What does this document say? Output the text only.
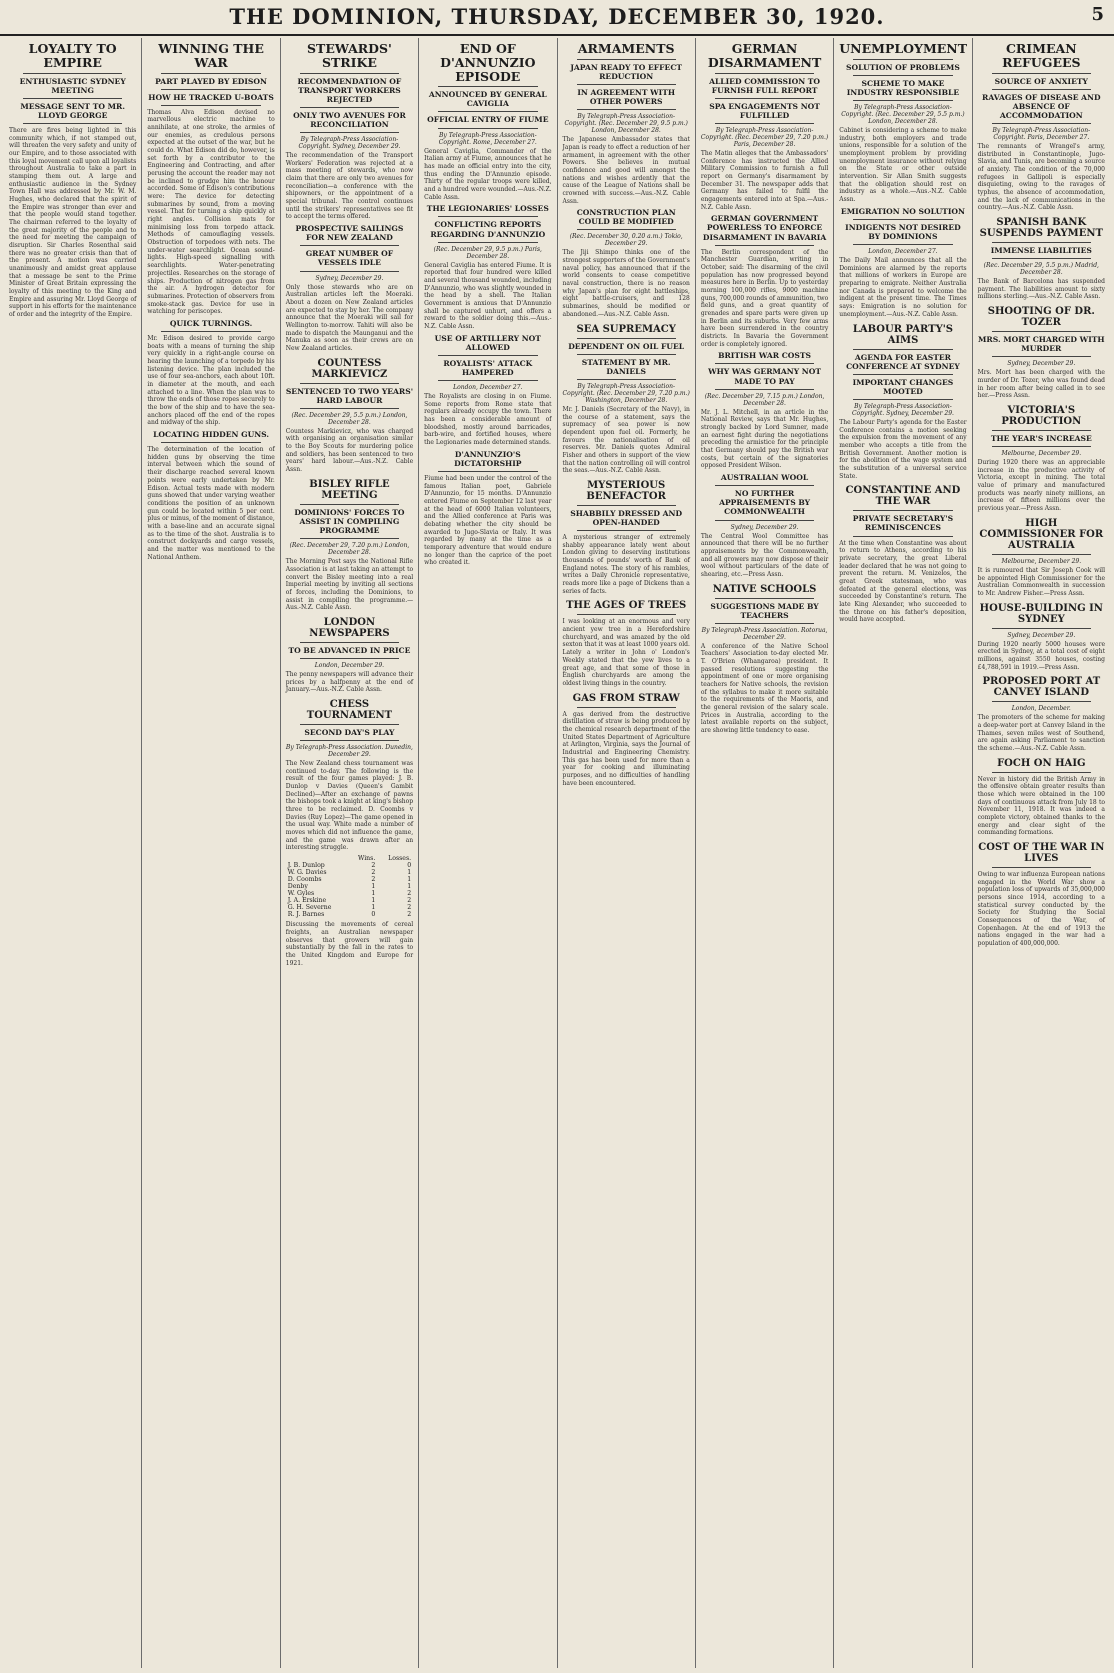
THE DOMINION, THURSDAY, DECEMBER 30, 1920.	5
LOYALTY TO EMPIRE
ENTHUSIASTIC SYDNEY MEETING
MESSAGE SENT TO MR. LLOYD GEORGE
There are fires being lighted in this community which, if not stamped out, will threaten the very safety and unity of our Empire, and to those associated with this loyal movement call upon all loyalists throughout Australia to take a part in stamping them out. A large and enthusiastic audience in the Sydney Town Hall was addressed by Mr. W. M. Hughes, who declared that the spirit of the Empire was stronger than ever and that the people would stand together. The chairman referred to the loyalty of the great majority of the people and to the need for meeting the campaign of disruption. Sir Charles Rosenthal said there was no greater crisis than that of the present. A motion was carried unanimously and amidst great applause that a message be sent to the Prime Minister of Great Britain expressing the loyalty of this meeting to the King and Empire and assuring Mr. Lloyd George of support in his efforts for the maintenance of order and the integrity of the Empire.
WINNING THE WAR
PART PLAYED BY EDISON
HOW HE TRACKED U-BOATS
Thomas Alva Edison devised no marvellous electric machine to annihilate, at one stroke, the armies of our enemies, as credulous persons expected at the outset of the war, but he could do. What Edison did do, however, is set forth by a contributor to the Engineering and Contracting, and after perusing the account the reader may not be inclined to grudge him the honour accorded. Some of Edison's contributions were: The device for detecting submarines by sound, from a moving vessel. That for turning a ship quickly at right angles. Collision mats for minimising loss from torpedo attack. Methods of camouflaging vessels. Obstruction of torpedoes with nets. The under-water searchlight. Ocean sound-lights. High-speed signalling with searchlights. Water-penetrating projectiles. Researches on the storage of ships. Production of nitrogen gas from the air. A hydrogen detector for submarines. Protection of observers from smoke-stack gas. Device for use in watching for periscopes.
QUICK TURNINGS.
Mr. Edison desired to provide cargo boats with a means of turning the ship very quickly in a right-angle course on hearing the launching of a torpedo by his listening device. The plan included the use of four sea-anchors, each about 10ft. in diameter at the mouth, and each attached to a line. When the plan was to throw the ends of those ropes securely to the bow of the ship and to have the sea-anchors placed off the end of the ropes and midway of the ship.
LOCATING HIDDEN GUNS.
The determination of the location of hidden guns by observing the time interval between which the sound of their discharge reached several known points were early undertaken by Mr. Edison. Actual tests made with modern guns showed that under varying weather conditions the position of an unknown gun could be located within 5 per cent. plus or minus, of the moment of distance, with a base-line and an accurate signal as to the time of the shot. Australia is to construct dockyards and cargo vessels, and the matter was mentioned to the National Anthem.
STEWARDS' STRIKE
RECOMMENDATION OF TRANSPORT WORKERS REJECTED
ONLY TWO AVENUES FOR RECONCILIATION
By Telegraph-Press Association-Copyright. Sydney, December 29.
The recommendation of the Transport Workers' Federation was rejected at a mass meeting of stewards, who now claim that there are only two avenues for reconciliation—a conference with the shipowners, or the appointment of a special tribunal. The control continues until the strikers' representatives see fit to accept the terms offered.
PROSPECTIVE SAILINGS FOR NEW ZEALAND
GREAT NUMBER OF VESSELS IDLE
Sydney, December 29.
Only those stewards who are on Australian articles left the Moeraki. About a dozen on New Zealand articles are expected to stay by her. The company announce that the Moeraki will sail for Wellington to-morrow. Tahiti will also be made to dispatch the Maunganui and the Manuka as soon as their crews are on New Zealand articles.
COUNTESS MARKIEVICZ
SENTENCED TO TWO YEARS' HARD LABOUR
(Rec. December 29, 5.5 p.m.) London, December 28.
Countess Markievicz, who was charged with organising an organisation similar to the Boy Scouts for murdering police and soldiers, has been sentenced to two years' hard labour.—Aus.-N.Z. Cable Assn.
BISLEY RIFLE MEETING
DOMINIONS' FORCES TO ASSIST IN COMPILING PROGRAMME
(Rec. December 29, 7.20 p.m.) London, December 28.
The Morning Post says the National Rifle Association is at last taking an attempt to convert the Bisley meeting into a real Imperial meeting by inviting all sections of forces, including the Dominions, to assist in compiling the programme.—Aus.-N.Z. Cable Assn.
LONDON NEWSPAPERS
TO BE ADVANCED IN PRICE
London, December 29.
The penny newspapers will advance their prices by a halfpenny at the end of January.—Aus.-N.Z. Cable Assn.
CHESS TOURNAMENT
SECOND DAY'S PLAY
By Telegraph-Press Association. Dunedin, December 29.
The New Zealand chess tournament was continued to-day. The following is the result of the four games played: J. B. Dunlop v Davies (Queen's Gambit Declined)—After an exchange of pawns the bishops took a knight at king's bishop three to be reclaimed. D. Coombs v Davies (Ruy Lopez)—The game opened in the usual way. White made a number of moves which did not influence the game, and the game was drawn after an interesting struggle.
	Wins.	Losses.
J. B. Dunlop	2	0
W. G. Davies	2	1
D. Coombs	2	1
Denby	1	1
W. Gyles	1	2
J. A. Erskine	1	2
G. H. Severne	1	2
R. J. Barnes	0	2
Discussing the movements of cereal freights, an Australian newspaper observes that growers will gain substantially by the fall in the rates to the United Kingdom and Europe for 1921.
END OF D'ANNUNZIO EPISODE
ANNOUNCED BY GENERAL CAVIGLIA
OFFICIAL ENTRY OF FIUME
By Telegraph-Press Association-Copyright. Rome, December 27.
General Caviglia, Commander of the Italian army at Fiume, announces that he has made an official entry into the city, thus ending the D'Annunzio episode. Thirty of the regular troops were killed, and a hundred were wounded.—Aus.-N.Z. Cable Assn.
THE LEGIONARIES' LOSSES
CONFLICTING REPORTS REGARDING D'ANNUNZIO
(Rec. December 29, 9.5 p.m.) Paris, December 28.
General Caviglia has entered Fiume. It is reported that four hundred were killed and several thousand wounded, including D'Annunzio, who was slightly wounded in the head by a shell. The Italian Government is anxious that D'Annunzio shall be captured unhurt, and offers a reward to the soldier doing this.—Aus.-N.Z. Cable Assn.
USE OF ARTILLERY NOT ALLOWED
ROYALISTS' ATTACK HAMPERED
London, December 27.
The Royalists are closing in on Fiume. Some reports from Rome state that regulars already occupy the town. There has been a considerable amount of bloodshed, mostly around barricades, barb-wire, and fortified houses, where the Legionaries made determined stands.
D'ANNUNZIO'S DICTATORSHIP
Fiume had been under the control of the famous Italian poet, Gabriele D'Annunzio, for 15 months. D'Annunzio entered Fiume on September 12 last year at the head of 6000 Italian volunteers, and the Allied conference at Paris was debating whether the city should be awarded to Jugo-Slavia or Italy. It was regarded by many at the time as a temporary adventure that would endure no longer than the caprice of the poet who created it.
ARMAMENTS
JAPAN READY TO EFFECT REDUCTION
IN AGREEMENT WITH OTHER POWERS
By Telegraph-Press Association-Copyright. (Rec. December 29, 9.5 p.m.) London, December 28.
The Japanese Ambassador states that Japan is ready to effect a reduction of her armament, in agreement with the other Powers. She believes in mutual confidence and good will amongst the nations and wishes ardently that the cause of the League of Nations shall be crowned with success.—Aus.-N.Z. Cable Assn.
CONSTRUCTION PLAN COULD BE MODIFIED
(Rec. December 30, 0.20 a.m.) Tokio, December 29.
The Jiji Shimpo thinks one of the strongest supporters of the Government's naval policy, has announced that if the world consents to cease competitive naval construction, there is no reason why Japan's plan for eight battleships, eight battle-cruisers, and 128 submarines, should be modified or abandoned.—Aus.-N.Z. Cable Assn.
SEA SUPREMACY
DEPENDENT ON OIL FUEL
STATEMENT BY MR. DANIELS
By Telegraph-Press Association-Copyright. (Rec. December 29, 7.20 p.m.) Washington, December 28.
Mr. J. Daniels (Secretary of the Navy), in the course of a statement, says the supremacy of sea power is now dependent upon fuel oil. Formerly, he favours the nationalisation of oil reserves. Mr. Daniels quotes Admiral Fisher and others in support of the view that the nation controlling oil will control the seas.—Aus.-N.Z. Cable Assn.
MYSTERIOUS BENEFACTOR
SHABBILY DRESSED AND OPEN-HANDED
A mysterious stranger of extremely shabby appearance lately went about London giving to deserving institutions thousands of pounds' worth of Bank of England notes. The story of his rambles, writes a Daily Chronicle representative, reads more like a page of Dickens than a series of facts.
THE AGES OF TREES
I was looking at an enormous and very ancient yew tree in a Herefordshire churchyard, and was amazed by the old sexton that it was at least 1000 years old. Lately a writer in John o' London's Weekly stated that the yew lives to a great age, and that some of those in English churchyards are among the oldest living things in the country.
GAS FROM STRAW
A gas derived from the destructive distillation of straw is being produced by the chemical research department of the United States Department of Agriculture at Arlington, Virginia, says the Journal of Industrial and Engineering Chemistry. This gas has been used for more than a year for cooking and illuminating purposes, and no difficulties of handling have been encountered.
GERMAN DISARMAMENT
ALLIED COMMISSION TO FURNISH FULL REPORT
SPA ENGAGEMENTS NOT FULFILLED
By Telegraph-Press Association-Copyright. (Rec. December 29, 7.20 p.m.) Paris, December 28.
The Matin alleges that the Ambassadors' Conference has instructed the Allied Military Commission to furnish a full report on Germany's disarmament by December 31. The newspaper adds that Germany has failed to fulfil the engagements entered into at Spa.—Aus.-N.Z. Cable Assn.
GERMAN GOVERNMENT POWERLESS TO ENFORCE DISARMAMENT IN BAVARIA
The Berlin correspondent of the Manchester Guardian, writing in October, said: The disarming of the civil population has now progressed beyond measures here in Berlin. Up to yesterday morning 100,000 rifles, 9000 machine guns, 700,000 rounds of ammunition, two field guns, and a great quantity of grenades and spare parts were given up in Berlin and its suburbs. Very few arms have been surrendered in the country districts. In Bavaria the Government order is completely ignored.
BRITISH WAR COSTS
WHY WAS GERMANY NOT MADE TO PAY
(Rec. December 29, 7.15 p.m.) London, December 28.
Mr. J. L. Mitchell, in an article in the National Review, says that Mr. Hughes, strongly backed by Lord Sumner, made an earnest fight during the negotiations preceding the armistice for the principle that Germany should pay the British war costs, but certain of the signatories opposed President Wilson.
AUSTRALIAN WOOL
NO FURTHER APPRAISEMENTS BY COMMONWEALTH
Sydney, December 29.
The Central Wool Committee has announced that there will be no further appraisements by the Commonwealth, and all growers may now dispose of their wool without particulars of the date of shearing, etc.—Press Assn.
NATIVE SCHOOLS
SUGGESTIONS MADE BY TEACHERS
By Telegraph-Press Association. Rotorua, December 29.
A conference of the Native School Teachers' Association to-day elected Mr. T. O'Brien (Whangaroa) president. It passed resolutions suggesting the appointment of one or more organising teachers for Native schools, the revision of the syllabus to make it more suitable to the requirements of the Maoris, and the general revision of the salary scale. Prices in Australia, according to the latest available reports on the subject, are showing little tendency to ease.
UNEMPLOYMENT
SOLUTION OF PROBLEMS
SCHEME TO MAKE INDUSTRY RESPONSIBLE
By Telegraph-Press Association-Copyright. (Rec. December 29, 5.5 p.m.) London, December 28.
Cabinet is considering a scheme to make industry, both employers and trade unions, responsible for a solution of the unemployment problem by providing unemployment insurance without relying on the State or other outside intervention. Sir Allan Smith suggests that the obligation should rest on industry as a whole.—Aus.-N.Z. Cable Assn.
EMIGRATION NO SOLUTION
INDIGENTS NOT DESIRED BY DOMINIONS
London, December 27.
The Daily Mail announces that all the Dominions are alarmed by the reports that millions of workers in Europe are preparing to emigrate. Neither Australia nor Canada is prepared to welcome the indigent at the present time. The Times says: Emigration is no solution for unemployment.—Aus.-N.Z. Cable Assn.
LABOUR PARTY'S AIMS
AGENDA FOR EASTER CONFERENCE AT SYDNEY
IMPORTANT CHANGES MOOTED
By Telegraph-Press Association-Copyright. Sydney, December 29.
The Labour Party's agenda for the Easter Conference contains a motion seeking the expulsion from the movement of any member who accepts a title from the British Government. Another motion is for the abolition of the wage system and the substitution of a universal service State.
CONSTANTINE AND THE WAR
PRIVATE SECRETARY'S REMINISCENCES
At the time when Constantine was about to return to Athens, according to his private secretary, the great Liberal leader declared that he was not going to prevent the return. M. Venizelos, the great Greek statesman, who was defeated at the general elections, was succeeded by Constantine's return. The late King Alexander, who succeeded to the throne on his father's deposition, would have accepted.
CRIMEAN REFUGEES
SOURCE OF ANXIETY
RAVAGES OF DISEASE AND ABSENCE OF ACCOMMODATION
By Telegraph-Press Association-Copyright. Paris, December 27.
The remnants of Wrangel's army, distributed in Constantinople, Jugo-Slavia, and Tunis, are becoming a source of anxiety. The condition of the 70,000 refugees in Gallipoli is especially disquieting, owing to the ravages of typhus, the absence of accommodation, and the lack of communications in the country.—Aus.-N.Z. Cable Assn.
SPANISH BANK SUSPENDS PAYMENT
IMMENSE LIABILITIES
(Rec. December 29, 5.5 p.m.) Madrid, December 28.
The Bank of Barcelona has suspended payment. The liabilities amount to sixty millions sterling.—Aus.-N.Z. Cable Assn.
SHOOTING OF DR. TOZER
MRS. MORT CHARGED WITH MURDER
Sydney, December 29.
Mrs. Mort has been charged with the murder of Dr. Tozer, who was found dead in her room after being called in to see her.—Press Assn.
VICTORIA'S PRODUCTION
THE YEAR'S INCREASE
Melbourne, December 29.
During 1920 there was an appreciable increase in the productive activity of Victoria, except in mining. The total value of primary and manufactured products was nearly ninety millions, an increase of fifteen millions over the previous year.—Press Assn.
HIGH COMMISSIONER FOR AUSTRALIA
Melbourne, December 29.
It is rumoured that Sir Joseph Cook will be appointed High Commissioner for the Australian Commonwealth in succession to Mr. Andrew Fisher.—Press Assn.
HOUSE-BUILDING IN SYDNEY
Sydney, December 29.
During 1920 nearly 5000 houses were erected in Sydney, at a total cost of eight millions, against 3550 houses, costing £4,788,591 in 1919.—Press Assn.
PROPOSED PORT AT CANVEY ISLAND
London, December.
The promoters of the scheme for making a deep-water port at Canvey Island in the Thames, seven miles west of Southend, are again asking Parliament to sanction the scheme.—Aus.-N.Z. Cable Assn.
FOCH ON HAIG
Never in history did the British Army in the offensive obtain greater results than those which were obtained in the 100 days of continuous attack from July 18 to November 11, 1918. It was indeed a complete victory, obtained thanks to the energy and clear sight of the commanding formations.
COST OF THE WAR IN LIVES
Owing to war influenza European nations engaged in the World War show a population loss of upwards of 35,000,000 persons since 1914, according to a statistical survey conducted by the Society for Studying the Social Consequences of the War, of Copenhagen. At the end of 1913 the nations engaged in the war had a population of 400,000,000.
